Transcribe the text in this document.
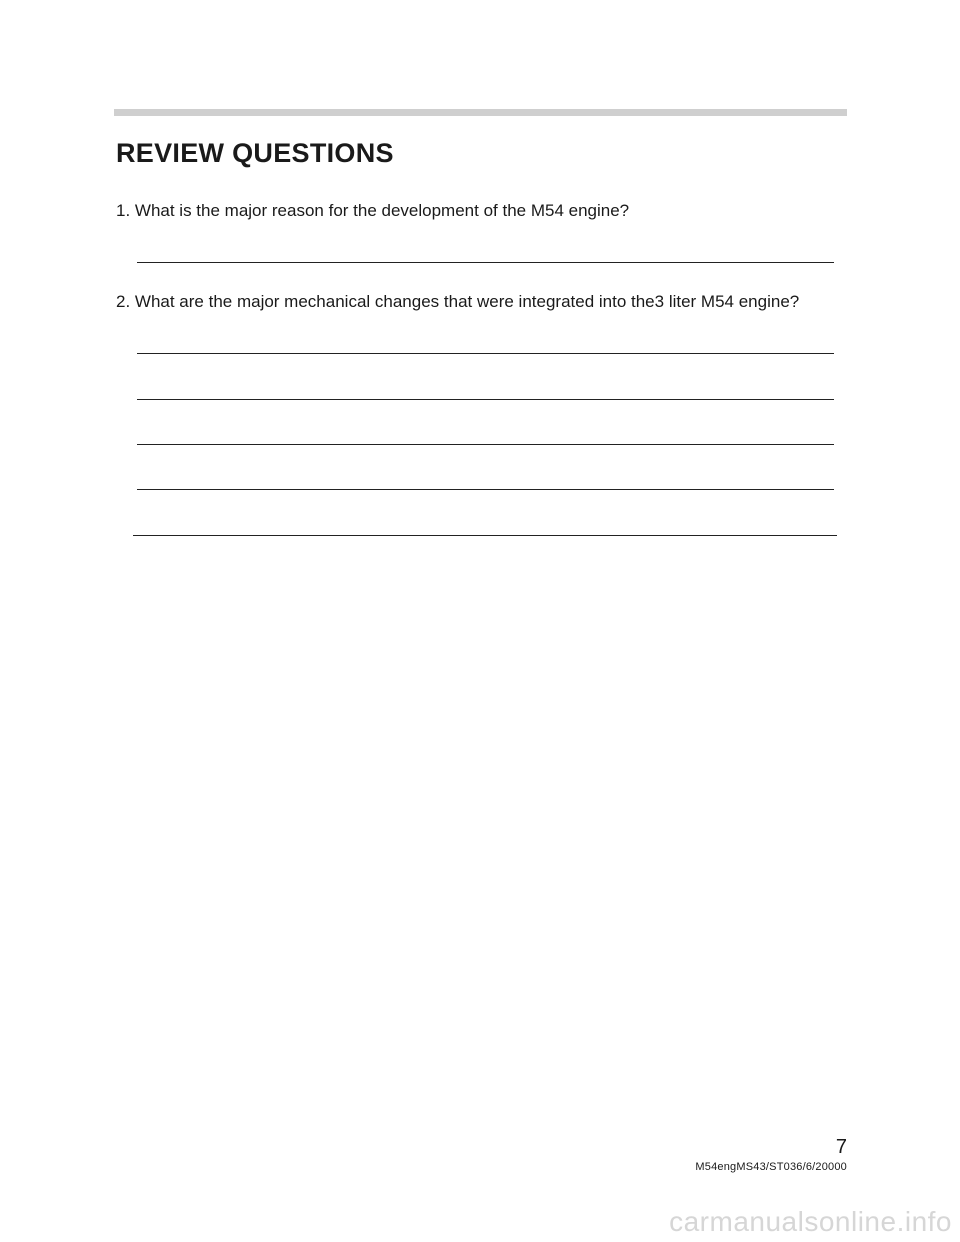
REVIEW QUESTIONS

1. What is the major reason for the development of the M54 engine?

2. What are the major mechanical changes that were integrated into the3 liter M54 engine?

7
M54engMS43/ST036/6/20000
carmanualsonline.info
